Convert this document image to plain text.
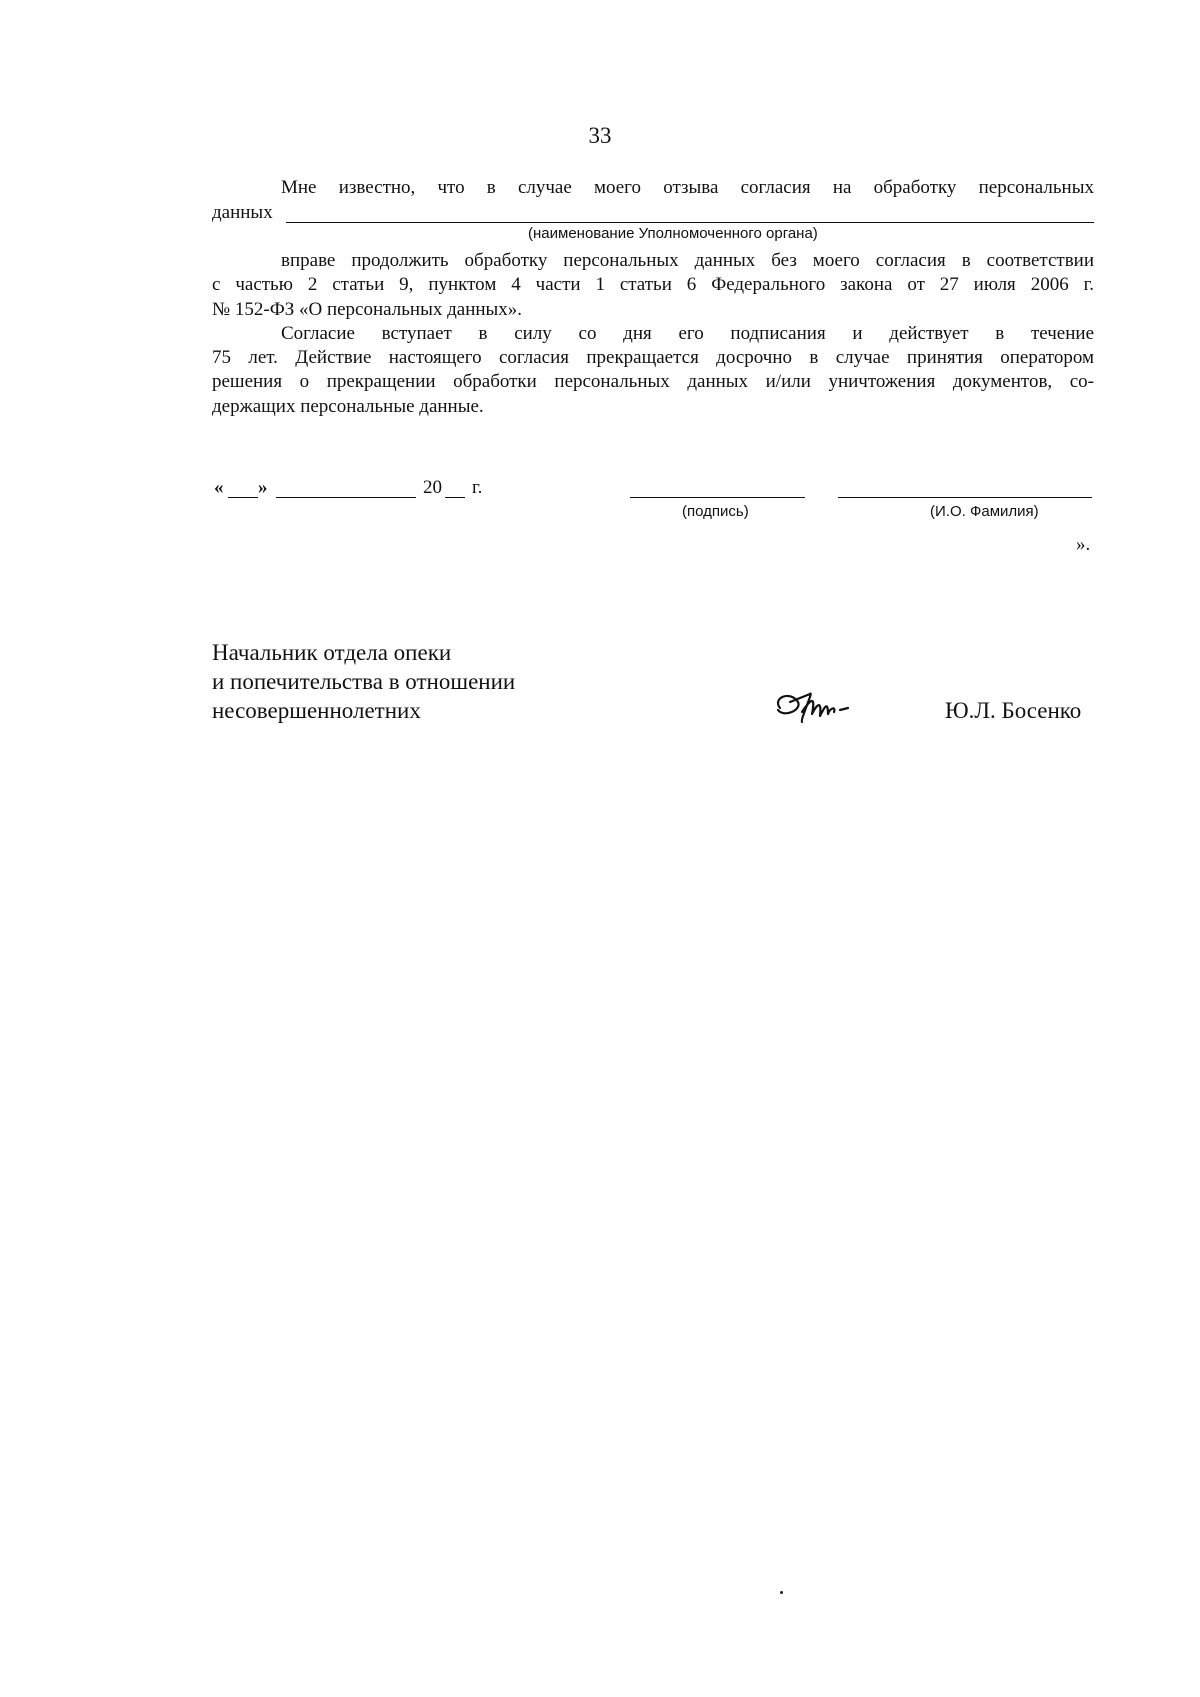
33
Мне известно, что в случае моего отзыва согласия на обработку персональных
данных
(наименование Уполномоченного органа)
вправе продолжить обработку персональных данных без моего согласия в соответствии
с частью 2 статьи 9, пунктом 4 части 1 статьи 6 Федерального закона от 27 июля 2006 г.
№ 152-ФЗ «О персональных данных».
Согласие вступает в силу со дня его подписания и действует в течение
75 лет. Действие настоящего согласия прекращается досрочно в случае принятия оператором
решения о прекращении обработки персональных данных и/или уничтожения документов, со-
держащих персональные данные.
« »	20 г.
(подпись)	(И.О. Фамилия)
».
Начальник отдела опеки
и попечительства в отношении
несовершеннолетних	Ю.Л. Босенко
